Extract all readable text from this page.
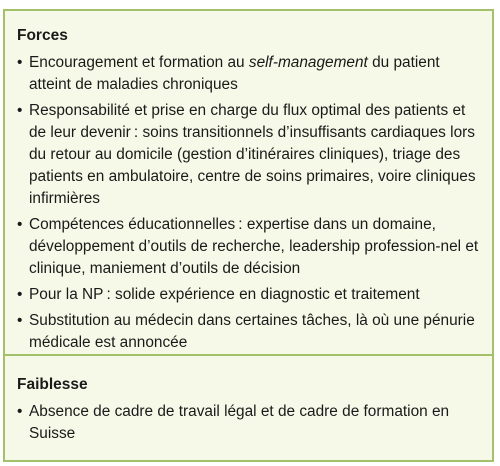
Forces
• Encouragement et formation au self-management du patient atteint de maladies chroniques
• Responsabilité et prise en charge du flux optimal des patients et de leur devenir : soins transitionnels d’insuffisants cardiaques lors du retour au domicile (gestion d’itinéraires cliniques), triage des patients en ambulatoire, centre de soins primaires, voire cliniques infirmières
• Compétences éducationnelles : expertise dans un domaine, développement d’outils de recherche, leadership profession-nel et clinique, maniement d’outils de décision
• Pour la NP : solide expérience en diagnostic et traitement
• Substitution au médecin dans certaines tâches, là où une pénurie médicale est annoncée
Faiblesse
• Absence de cadre de travail légal et de cadre de formation en Suisse
